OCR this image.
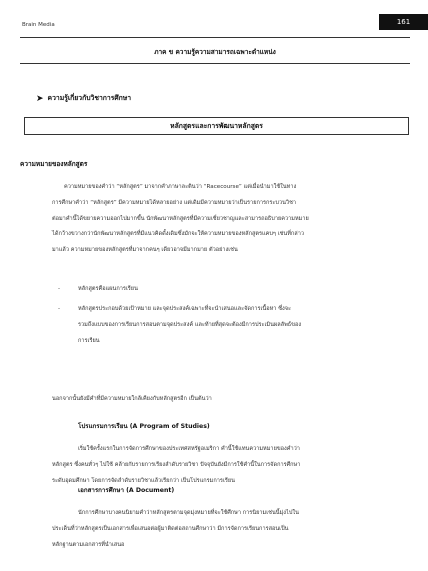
Brain Media	161
ภาค ข ความรู้ความสามารถเฉพาะตำแหน่ง
➤ ความรู้เกี่ยวกับวิชาการศึกษา
หลักสูตรและการพัฒนาหลักสูตร
ความหมายของหลักสูตร
ความหมายของคำว่า “หลักสูตร” มาจากคำภาษาละตินว่า “Racecourse” แต่เมื่อนำมาใช้ในทาง
การศึกษาคำว่า “หลักสูตร” มีความหมายได้หลายอย่าง แต่เดิมมีความหมายว่าเป็นรายการกระบวนวิชา
ต่อมาคำนี้ได้ขยายความออกไปมากขึ้น นักพัฒนาหลักสูตรที่มีความเชี่ยวชาญและสามารถอธิบายความหมาย
ได้กว้างขวางกว่านักพัฒนาหลักสูตรที่มีแนวคิดดั้งเดิมซึ่งมักจะให้ความหมายของหลักสูตรแคบๆ เช่นที่กล่าว
มาแล้ว ความหมายของหลักสูตรที่มาจากคนๆ เดียวอาจมีมากมาย ตัวอย่างเช่น
-	หลักสูตรคือแผนการเรียน
-	หลักสูตรประกอบด้วยเป้าหมาย และจุดประสงค์เฉพาะที่จะนำเสนอและจัดการเนื้อหา ซึ่งจะ
รวมถึงแบบของการเรียนการสอนตามจุดประสงค์ และท้ายที่สุดจะต้องมีการประเมินผลลัพธ์ของ
การเรียน
นอกจากนั้นยังมีคำที่มีความหมายใกล้เคียงกับหลักสูตรอีก เป็นต้นว่า
โปรแกรมการเรียน (A Program of Studies)
เริ่มใช้ครั้งแรกในการจัดการศึกษาของประเทศสหรัฐอเมริกา คำนี้ใช้แทนความหมายของคำว่า
หลักสูตร ซึ่งคนทั่วๆ ไปใช้ คล้ายกับรายการเรียงลำดับรายวิชา ปัจจุบันยังมีการใช้คำนี้ในการจัดการศึกษา
ระดับอุดมศึกษา โดยการจัดลำดับรายวิชาแล้วเรียกว่า เป็นโปรแกรมการเรียน
เอกสารการศึกษา (A Document)
นักการศึกษาบางคนนิยามคำว่าหลักสูตรตามจุดมุ่งหมายที่จะใช้ศึกษา การนิยามเช่นนี้มุ่งไปใน
ประเด็นที่ว่าหลักสูตรเป็นเอกสารเพื่อเสนอต่อผู้มาติดต่อสถานศึกษาว่า มีการจัดการเรียนการสอนเป็น
หลักฐานตามเอกสารที่นำเสนอ
